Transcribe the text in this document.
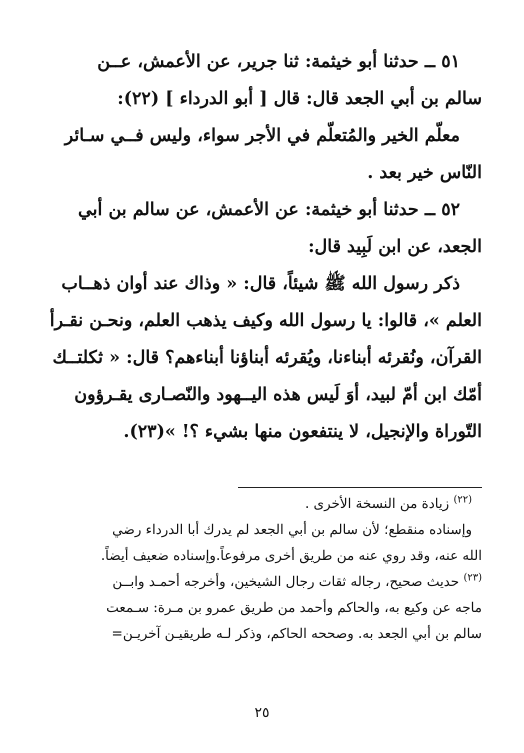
٥١ ــ حدثنا أبو خيثمة: ثنا جرير، عن الأعمش، عــن
سالم بن أبي الجعد قال: قال [ أبو الدرداء ] (٢٢):
معلّم الخير والمُتعلّم في الأجر سواء، وليس فــي سـائر
النّاس خير بعد .
٥٢ ــ حدثنا أبو خيثمة: عن الأعمش، عن سالم بن أبي
الجعد، عن ابن لَبِيد قال:
ذكر رسول الله ﷺ شيئاً، قال: « وذاك عند أوان ذهــاب
العلم »، قالوا: يا رسول الله وكيف يذهب العلم، ونحـن نقـرأ
القرآن، ونُقرئه أبناءنا، ويُقرئه أبناؤنا أبناءهم؟ قال: « ثكلتــك
أمّك ابن أمّ لبيد، أوَ لَيس هذه اليــهود والنّصـارى يقـرؤون
التّوراة والإنجيل، لا ينتفعون منها بشيء ؟! »(٢٣).
$^{(٢٢)}$ زيادة من النسخة الأخرى .
وإسناده منقطع؛ لأن سالم بن أبي الجعد لم يدرك أبا الدرداء رضي
الله عنه، وقد روي عنه من طريق أخرى مرفوعاً.وإسناده ضعيف أيضاً.
$^{(٢٣)}$ حديث صحيح، رجاله ثقات رجال الشيخين، وأخرجه أحمـد وابــن
ماجه عن وكيع به، والحاكم وأحمد من طريق عمرو بن مـرة: سـمعت
سالم بن أبي الجعد به. وصححه الحاكم، وذكر لـه طريقيـن آخريـن=
٢٥
